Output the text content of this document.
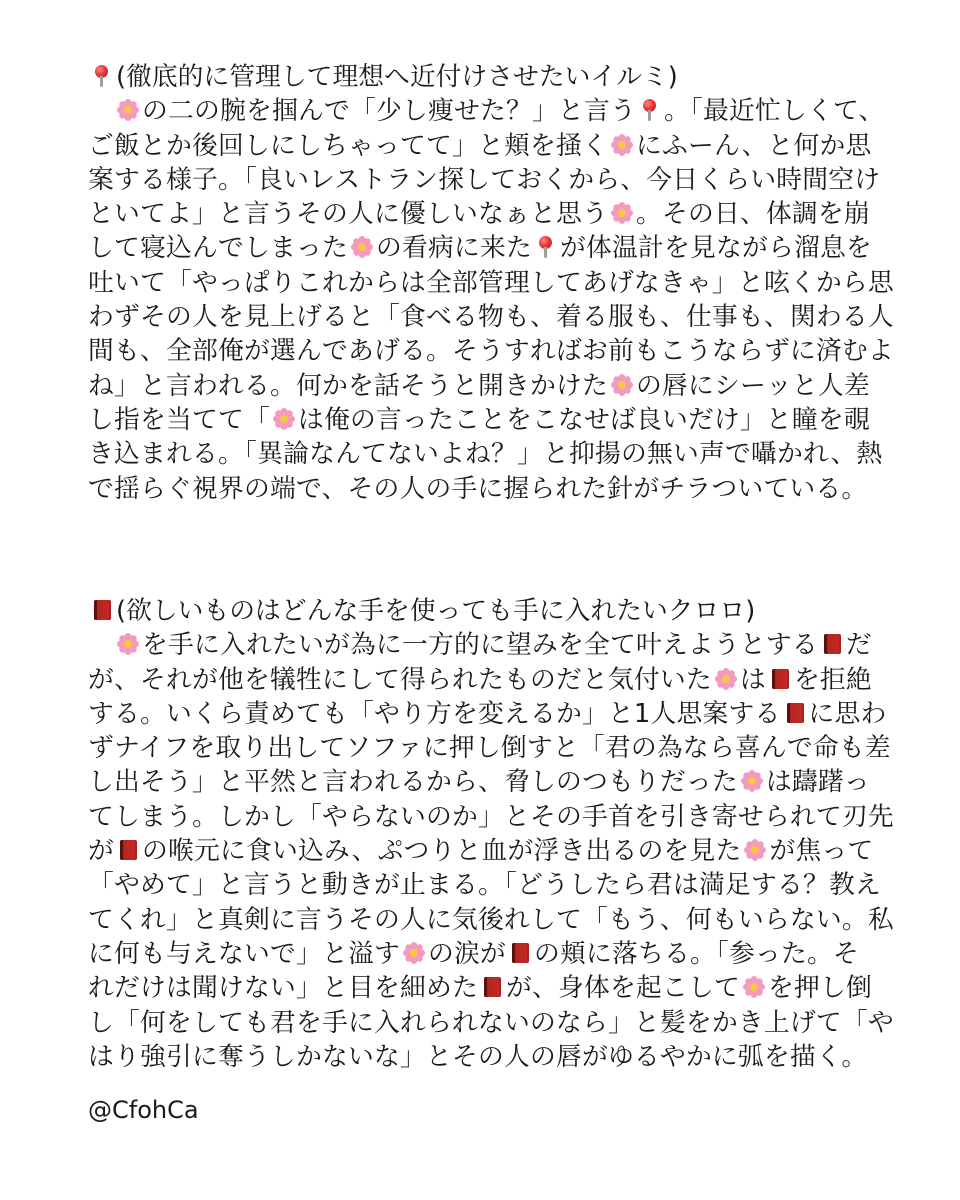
(徹底的に管理して理想へ近付けさせたいイルミ)

の二の腕を掴んで「少し痩せた？」と言う 。「最近忙しくて、
ご飯とか後回しにしちゃってて」と頬を掻く にふーん、と何か思
案する様子。「良いレストラン探しておくから、今日くらい時間空け
といてよ」と言うその人に優しいなぁと思う 。その日、体調を崩
して寝込んでしまった の看病に来た が体温計を見ながら溜息を
吐いて「やっぱりこれからは全部管理してあげなきゃ」と呟くから思
わずその人を見上げると「食べる物も、着る服も、仕事も、関わる人
間も、全部俺が選んであげる。そうすればお前もこうならずに済むよ
ね」と言われる。何かを話そうと開きかけた の唇にシーッと人差
し指を当てて「 は俺の言ったことをこなせば良いだけ」と瞳を覗
き込まれる。「異論なんてないよね？」と抑揚の無い声で囁かれ、熱
で揺らぐ視界の端で、その人の手に握られた針がチラついている。
(欲しいものはどんな手を使っても手に入れたいクロロ)

を手に入れたいが為に一方的に望みを全て叶えようとする だ
が、それが他を犠牲にして得られたものだと気付いた は を拒絶
する。いくら責めても「やり方を変えるか」と1人思案する に思わ
ずナイフを取り出してソファに押し倒すと「君の為なら喜んで命も差
し出そう」と平然と言われるから、脅しのつもりだった は躊躇っ
てしまう。しかし「やらないのか」とその手首を引き寄せられて刃先
が の喉元に食い込み、ぷつりと血が浮き出るのを見た が焦って
「やめて」と言うと動きが止まる。「どうしたら君は満足する？教え
てくれ」と真剣に言うその人に気後れして「もう、何もいらない。私
に何も与えないで」と溢す の涙が の頬に落ちる。「参った。そ
れだけは聞けない」と目を細めた が、身体を起こして を押し倒
し「何をしても君を手に入れられないのなら」と髪をかき上げて「や
はり強引に奪うしかないな」とその人の唇がゆるやかに弧を描く。
@CfohCa
